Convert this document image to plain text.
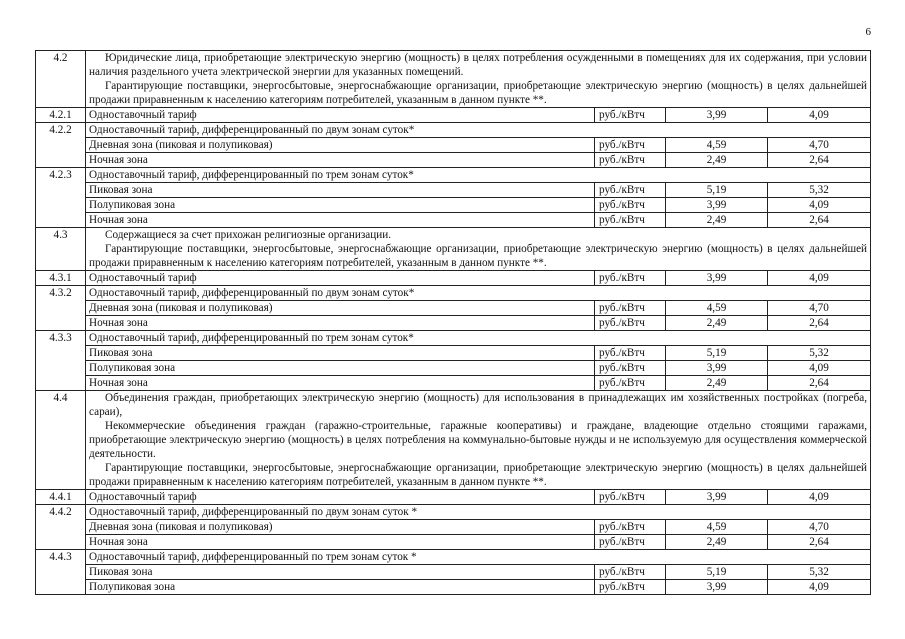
6
4.2	Юридические лица, приобретающие электрическую энергию (мощность) в целях потребления осужденными в помещениях для их содержания, при условии наличия раздельного учета электрической энергии для указанных помещений.

Гарантирующие поставщики, энергосбытовые, энергоснабжающие организации, приобретающие электрическую энергию (мощность) в целях дальнейшей продажи приравненным к населению категориям потребителей, указанным в данном пункте **.			

4.2.1	Одноставочный тариф	руб./кВтч	3,99	4,09
4.2.2	Одноставочный тариф, дифференцированный по двум зонам суток*			
	Дневная зона (пиковая и полупиковая)	руб./кВтч	4,59	4,70
	Ночная зона	руб./кВтч	2,49	2,64
4.2.3	Одноставочный тариф, дифференцированный по трем зонам суток*			
	Пиковая зона	руб./кВтч	5,19	5,32
	Полупиковая зона	руб./кВтч	3,99	4,09
	Ночная зона	руб./кВтч	2,49	2,64
4.3	Содержащиеся за счет прихожан религиозные организации.

Гарантирующие поставщики, энергосбытовые, энергоснабжающие организации, приобретающие электрическую энергию (мощность) в целях дальнейшей продажи приравненным к населению категориям потребителей, указанным в данном пункте **.			

4.3.1	Одноставочный тариф	руб./кВтч	3,99	4,09
4.3.2	Одноставочный тариф, дифференцированный по двум зонам суток*			
	Дневная зона (пиковая и полупиковая)	руб./кВтч	4,59	4,70
	Ночная зона	руб./кВтч	2,49	2,64
4.3.3	Одноставочный тариф, дифференцированный по трем зонам суток*			
	Пиковая зона	руб./кВтч	5,19	5,32
	Полупиковая зона	руб./кВтч	3,99	4,09
	Ночная зона	руб./кВтч	2,49	2,64
4.4	Объединения граждан, приобретающих электрическую энергию (мощность) для использования в принадлежащих им хозяйственных постройках (погреба, сараи),

Некоммерческие объединения граждан (гаражно-строительные, гаражные кооперативы) и граждане, владеющие отдельно стоящими гаражами, приобретающие электрическую энергию (мощность) в целях потребления на коммунально-бытовые нужды и не используемую для осуществления коммерческой деятельности.

Гарантирующие поставщики, энергосбытовые, энергоснабжающие организации, приобретающие электрическую энергию (мощность) в целях дальнейшей продажи приравненным к населению категориям потребителей, указанным в данном пункте **.			

4.4.1	Одноставочный тариф	руб./кВтч	3,99	4,09
4.4.2	Одноставочный тариф, дифференцированный по двум зонам суток *			
	Дневная зона (пиковая и полупиковая)	руб./кВтч	4,59	4,70
	Ночная зона	руб./кВтч	2,49	2,64
4.4.3	Одноставочный тариф, дифференцированный по трем зонам суток *			
	Пиковая зона	руб./кВтч	5,19	5,32
	Полупиковая зона	руб./кВтч	3,99	4,09
